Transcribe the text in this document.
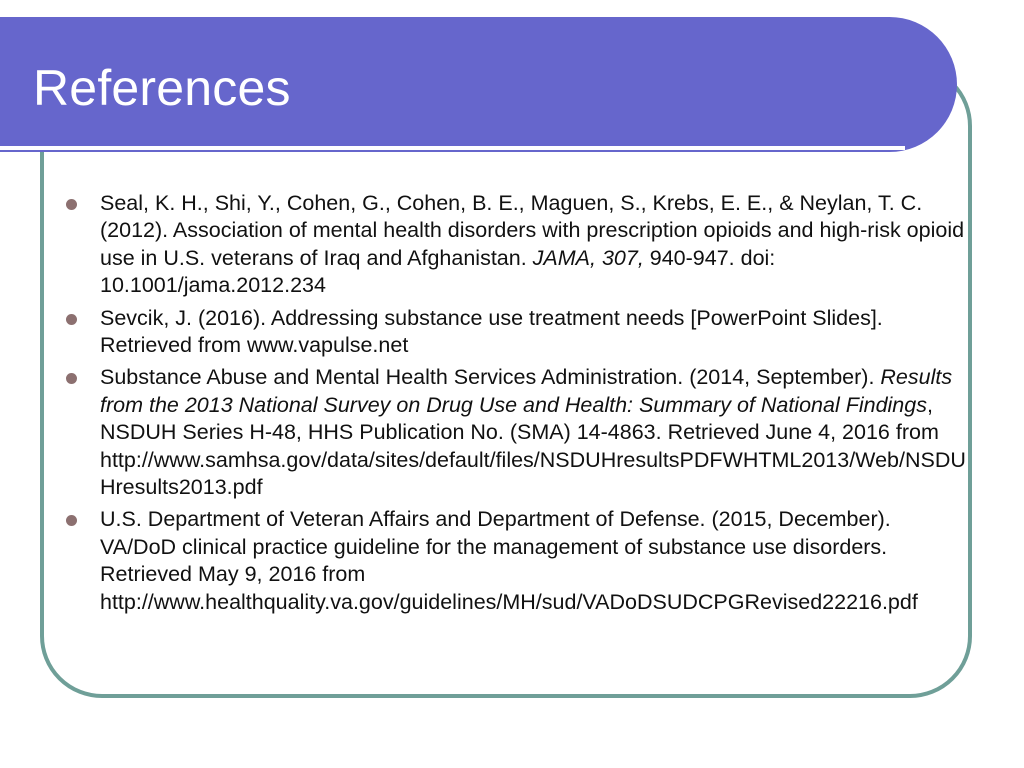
References
Seal, K. H., Shi, Y., Cohen, G., Cohen, B. E., Maguen, S., Krebs, E. E., & Neylan, T. C. (2012). Association of mental health disorders with prescription opioids and high-risk opioid use in U.S. veterans of Iraq and Afghanistan. JAMA, 307, 940-947. doi: 10.1001/jama.2012.234
Sevcik, J. (2016). Addressing substance use treatment needs [PowerPoint Slides]. Retrieved from www.vapulse.net
Substance Abuse and Mental Health Services Administration. (2014, September). Results from the 2013 National Survey on Drug Use and Health: Summary of National Findings, NSDUH Series H-48, HHS Publication No. (SMA) 14-4863. Retrieved June 4, 2016 from http://www.samhsa.gov/data/sites/default/files/NSDUHresultsPDFWHTML2013/Web/NSDUHresults2013.pdf
U.S. Department of Veteran Affairs and Department of Defense. (2015, December). VA/DoD clinical practice guideline for the management of substance use disorders. Retrieved May 9, 2016 from http://www.healthquality.va.gov/guidelines/MH/sud/VADoDSUDCPGRevised22216.pdf
